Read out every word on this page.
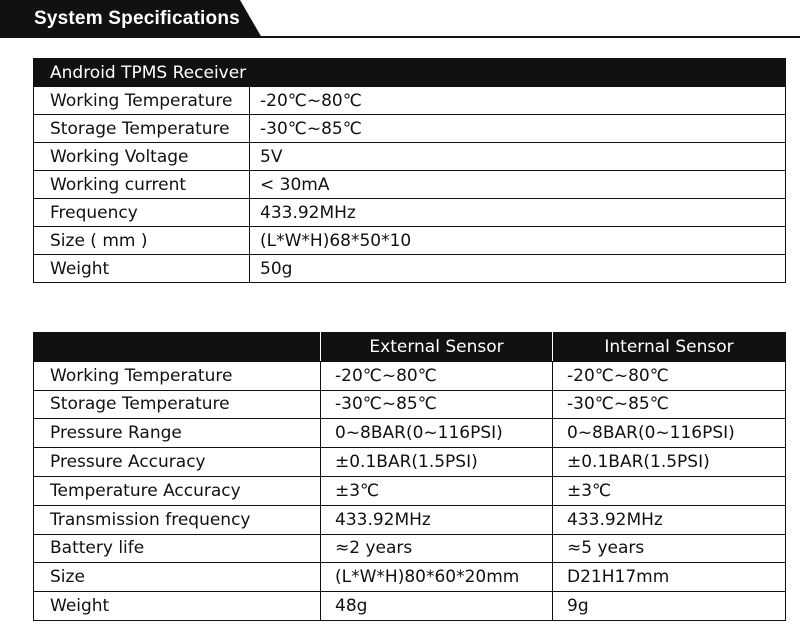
System Specifications
Android TPMS Receiver	
Working Temperature	-20℃~80℃
Storage Temperature	-30℃~85℃
Working Voltage	5V
Working current	< 30mA
Frequency	433.92MHz
Size ( mm )	(L*W*H)68*50*10
Weight	50g
	External Sensor	Internal Sensor
Working Temperature	-20℃~80℃	-20℃~80℃
Storage Temperature	-30℃~85℃	-30℃~85℃
Pressure Range	0~8BAR(0~116PSI)	0~8BAR(0~116PSI)
Pressure Accuracy	±0.1BAR(1.5PSI)	±0.1BAR(1.5PSI)
Temperature Accuracy	±3℃	±3℃
Transmission frequency	433.92MHz	433.92MHz
Battery life	≈2 years	≈5 years
Size	(L*W*H)80*60*20mm	D21H17mm
Weight	48g	9g
